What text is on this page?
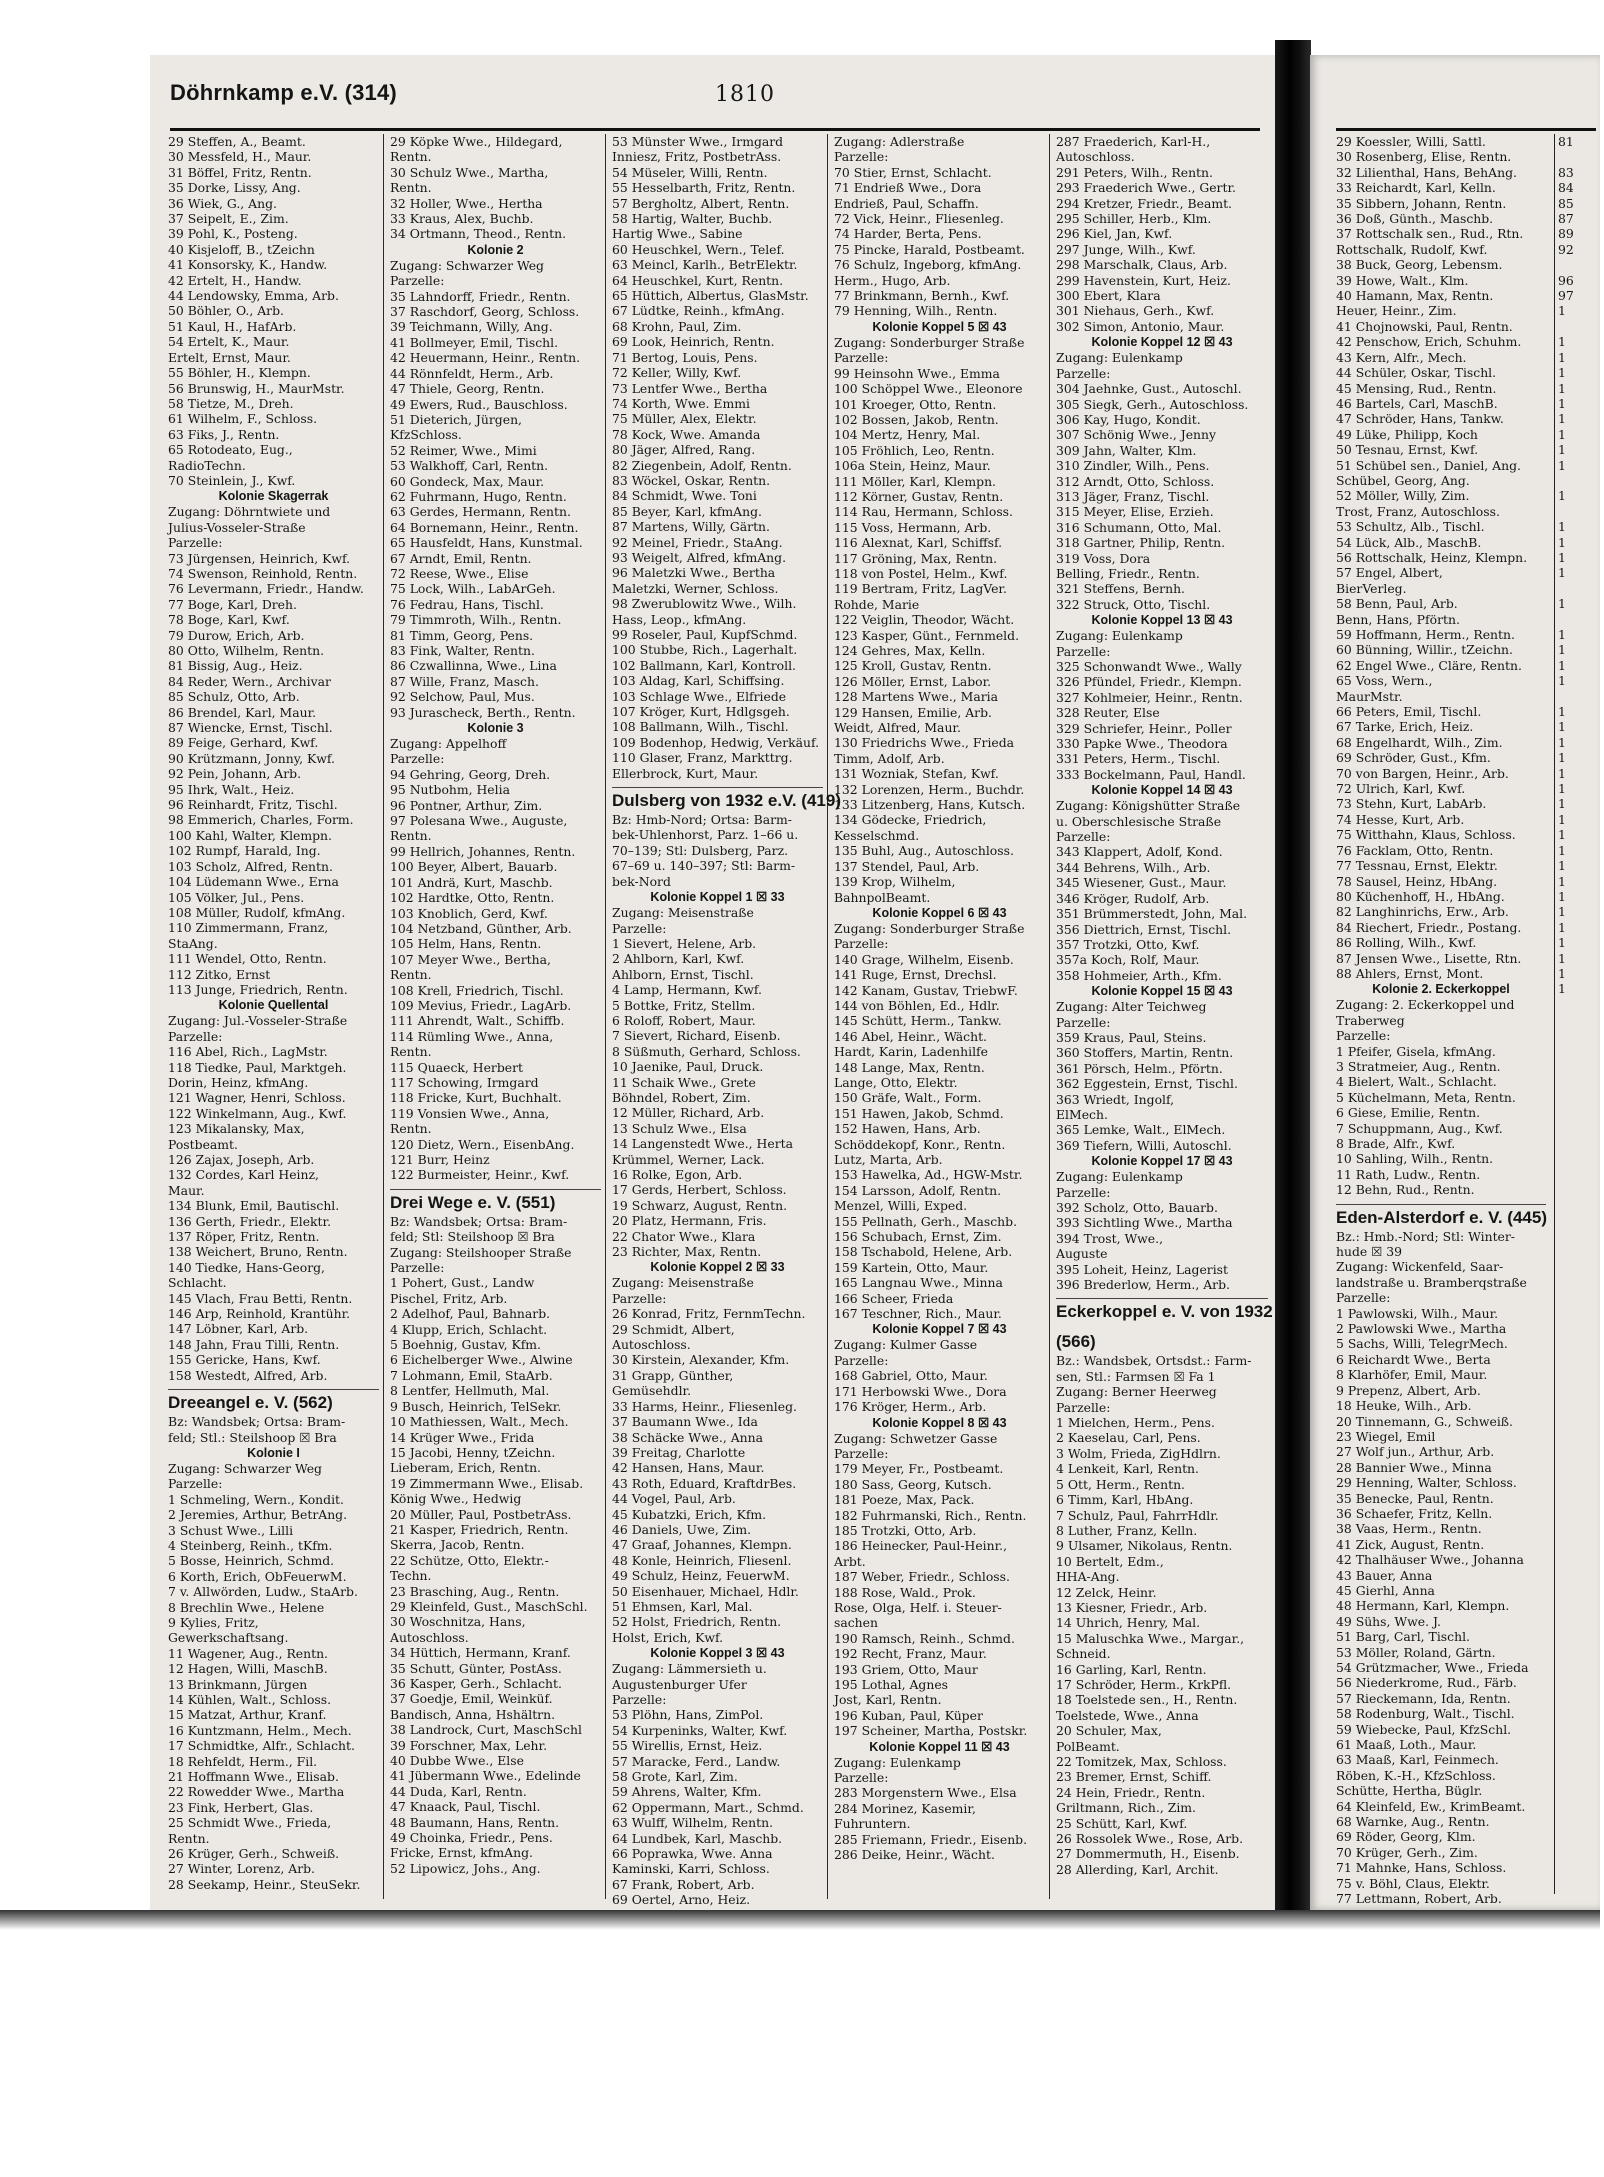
Döhrnkamp e.V. (314)	1810
29 Steffen, A., Beamt.
30 Messfeld, H., Maur.
31 Böffel, Fritz, Rentn.
35 Dorke, Lissy, Ang.
36 Wiek, G., Ang.
37 Seipelt, E., Zim.
39 Pohl, K., Posteng.
40 Kisjeloff, B., tZeichn
41 Konsorsky, K., Handw.
42 Ertelt, H., Handw.
44 Lendowsky, Emma, Arb.
50 Böhler, O., Arb.
51 Kaul, H., HafArb.
54 Ertelt, K., Maur.
Ertelt, Ernst, Maur.
55 Böhler, H., Klempn.
56 Brunswig, H., MaurMstr.
58 Tietze, M., Dreh.
61 Wilhelm, F., Schloss.
63 Fiks, J., Rentn.
65 Rotodeato, Eug.,
RadioTechn.
70 Steinlein, J., Kwf.
Kolonie Skagerrak
Zugang: Döhrntwiete und
Julius-Vosseler-Straße
Parzelle:
73 Jürgensen, Heinrich, Kwf.
74 Swenson, Reinhold, Rentn.
76 Levermann, Friedr., Handw.
77 Boge, Karl, Dreh.
78 Boge, Karl, Kwf.
79 Durow, Erich, Arb.
80 Otto, Wilhelm, Rentn.
81 Bissig, Aug., Heiz.
84 Reder, Wern., Archivar
85 Schulz, Otto, Arb.
86 Brendel, Karl, Maur.
87 Wiencke, Ernst, Tischl.
89 Feige, Gerhard, Kwf.
90 Krützmann, Jonny, Kwf.
92 Pein, Johann, Arb.
95 Ihrk, Walt., Heiz.
96 Reinhardt, Fritz, Tischl.
98 Emmerich, Charles, Form.
100 Kahl, Walter, Klempn.
102 Rumpf, Harald, Ing.
103 Scholz, Alfred, Rentn.
104 Lüdemann Wwe., Erna
105 Völker, Jul., Pens.
108 Müller, Rudolf, kfmAng.
110 Zimmermann, Franz,
StaAng.
111 Wendel, Otto, Rentn.
112 Zitko, Ernst
113 Junge, Friedrich, Rentn.
Kolonie Quellental
Zugang: Jul.-Vosseler-Straße
Parzelle:
116 Abel, Rich., LagMstr.
118 Tiedke, Paul, Marktgeh.
Dorin, Heinz, kfmAng.
121 Wagner, Henri, Schloss.
122 Winkelmann, Aug., Kwf.
123 Mikalansky, Max,
Postbeamt.
126 Zajax, Joseph, Arb.
132 Cordes, Karl Heinz,
Maur.
134 Blunk, Emil, Bautischl.
136 Gerth, Friedr., Elektr.
137 Röper, Fritz, Rentn.
138 Weichert, Bruno, Rentn.
140 Tiedke, Hans-Georg,
Schlacht.
145 Vlach, Frau Betti, Rentn.
146 Arp, Reinhold, Krantühr.
147 Löbner, Karl, Arb.
148 Jahn, Frau Tilli, Rentn.
155 Gericke, Hans, Kwf.
158 Westedt, Alfred, Arb.
Dreeangel e. V. (562)
Bz: Wandsbek; Ortsa: Bram-
feld; Stl.: Steilshoop ☒ Bra
Kolonie I
Zugang: Schwarzer Weg
Parzelle:
1 Schmeling, Wern., Kondit.
2 Jeremies, Arthur, BetrAng.
3 Schust Wwe., Lilli
4 Steinberg, Reinh., tKfm.
5 Bosse, Heinrich, Schmd.
6 Korth, Erich, ObFeuerwM.
7 v. Allwörden, Ludw., StaArb.
8 Brechlin Wwe., Helene
9 Kylies, Fritz,
Gewerkschaftsang.
11 Wagener, Aug., Rentn.
12 Hagen, Willi, MaschB.
13 Brinkmann, Jürgen
14 Kühlen, Walt., Schloss.
15 Matzat, Arthur, Kranf.
16 Kuntzmann, Helm., Mech.
17 Schmidtke, Alfr., Schlacht.
18 Rehfeldt, Herm., Fil.
21 Hoffmann Wwe., Elisab.
22 Rowedder Wwe., Martha
23 Fink, Herbert, Glas.
25 Schmidt Wwe., Frieda,
Rentn.
26 Krüger, Gerh., Schweiß.
27 Winter, Lorenz, Arb.
28 Seekamp, Heinr., SteuSekr.
29 Köpke Wwe., Hildegard,
Rentn.
30 Schulz Wwe., Martha,
Rentn.
32 Holler, Wwe., Hertha
33 Kraus, Alex, Buchb.
34 Ortmann, Theod., Rentn.
Kolonie 2
Zugang: Schwarzer Weg
Parzelle:
35 Lahndorff, Friedr., Rentn.
37 Raschdorf, Georg, Schloss.
39 Teichmann, Willy, Ang.
41 Bollmeyer, Emil, Tischl.
42 Heuermann, Heinr., Rentn.
44 Rönnfeldt, Herm., Arb.
47 Thiele, Georg, Rentn.
49 Ewers, Rud., Bauschloss.
51 Dieterich, Jürgen,
KfzSchloss.
52 Reimer, Wwe., Mimi
53 Walkhoff, Carl, Rentn.
60 Gondeck, Max, Maur.
62 Fuhrmann, Hugo, Rentn.
63 Gerdes, Hermann, Rentn.
64 Bornemann, Heinr., Rentn.
65 Hausfeldt, Hans, Kunstmal.
67 Arndt, Emil, Rentn.
72 Reese, Wwe., Elise
75 Lock, Wilh., LabArGeh.
76 Fedrau, Hans, Tischl.
79 Timmroth, Wilh., Rentn.
81 Timm, Georg, Pens.
83 Fink, Walter, Rentn.
86 Czwallinna, Wwe., Lina
87 Wille, Franz, Masch.
92 Selchow, Paul, Mus.
93 Jurascheck, Berth., Rentn.
Kolonie 3
Zugang: Appelhoff
Parzelle:
94 Gehring, Georg, Dreh.
95 Nutbohm, Helia
96 Pontner, Arthur, Zim.
97 Polesana Wwe., Auguste,
Rentn.
99 Hellrich, Johannes, Rentn.
100 Beyer, Albert, Bauarb.
101 Andrä, Kurt, Maschb.
102 Hardtke, Otto, Rentn.
103 Knoblich, Gerd, Kwf.
104 Netzband, Günther, Arb.
105 Helm, Hans, Rentn.
107 Meyer Wwe., Bertha,
Rentn.
108 Krell, Friedrich, Tischl.
109 Mevius, Friedr., LagArb.
111 Ahrendt, Walt., Schiffb.
114 Rümling Wwe., Anna,
Rentn.
115 Quaeck, Herbert
117 Schowing, Irmgard
118 Fricke, Kurt, Buchhalt.
119 Vonsien Wwe., Anna,
Rentn.
120 Dietz, Wern., EisenbAng.
121 Burr, Heinz
122 Burmeister, Heinr., Kwf.
Drei Wege e. V. (551)
Bz: Wandsbek; Ortsa: Bram-
feld; Stl: Steilshoop ☒ Bra
Zugang: Steilshooper Straße
Parzelle:
1 Pohert, Gust., Landw
Pischel, Fritz, Arb.
2 Adelhof, Paul, Bahnarb.
4 Klupp, Erich, Schlacht.
5 Boehnig, Gustav, Kfm.
6 Eichelberger Wwe., Alwine
7 Lohmann, Emil, StaArb.
8 Lentfer, Hellmuth, Mal.
9 Busch, Heinrich, TelSekr.
10 Mathiessen, Walt., Mech.
14 Krüger Wwe., Frida
15 Jacobi, Henny, tZeichn.
Lieberam, Erich, Rentn.
19 Zimmermann Wwe., Elisab.
König Wwe., Hedwig
20 Müller, Paul, PostbetrAss.
21 Kasper, Friedrich, Rentn.
Skerra, Jacob, Rentn.
22 Schütze, Otto, Elektr.-
Techn.
23 Brasching, Aug., Rentn.
29 Kleinfeld, Gust., MaschSchl.
30 Woschnitza, Hans,
Autoschloss.
34 Hüttich, Hermann, Kranf.
35 Schutt, Günter, PostAss.
36 Kasper, Gerh., Schlacht.
37 Goedje, Emil, Weinküf.
Bandisch, Anna, Hshältrn.
38 Landrock, Curt, MaschSchl
39 Forschner, Max, Lehr.
40 Dubbe Wwe., Else
41 Jübermann Wwe., Edelinde
44 Duda, Karl, Rentn.
47 Knaack, Paul, Tischl.
48 Baumann, Hans, Rentn.
49 Choinka, Friedr., Pens.
Fricke, Ernst, kfmAng.
52 Lipowicz, Johs., Ang.
53 Münster Wwe., Irmgard
Inniesz, Fritz, PostbetrAss.
54 Müseler, Willi, Rentn.
55 Hesselbarth, Fritz, Rentn.
57 Bergholtz, Albert, Rentn.
58 Hartig, Walter, Buchb.
Hartig Wwe., Sabine
60 Heuschkel, Wern., Telef.
63 Meincl, Karlh., BetrElektr.
64 Heuschkel, Kurt, Rentn.
65 Hüttich, Albertus, GlasMstr.
67 Lüdtke, Reinh., kfmAng.
68 Krohn, Paul, Zim.
69 Look, Heinrich, Rentn.
71 Bertog, Louis, Pens.
72 Keller, Willy, Kwf.
73 Lentfer Wwe., Bertha
74 Korth, Wwe. Emmi
75 Müller, Alex, Elektr.
78 Kock, Wwe. Amanda
80 Jäger, Alfred, Rang.
82 Ziegenbein, Adolf, Rentn.
83 Wöckel, Oskar, Rentn.
84 Schmidt, Wwe. Toni
85 Beyer, Karl, kfmAng.
87 Martens, Willy, Gärtn.
92 Meinel, Friedr., StaAng.
93 Weigelt, Alfred, kfmAng.
96 Maletzki Wwe., Bertha
Maletzki, Werner, Schloss.
98 Zwerublowitz Wwe., Wilh.
Hass, Leop., kfmAng.
99 Roseler, Paul, KupfSchmd.
100 Stubbe, Rich., Lagerhalt.
102 Ballmann, Karl, Kontroll.
103 Aldag, Karl, Schiffsing.
103 Schlage Wwe., Elfriede
107 Kröger, Kurt, Hdlgsgeh.
108 Ballmann, Wilh., Tischl.
109 Bodenhop, Hedwig, Verkäuf.
110 Glaser, Franz, Markttrg.
Ellerbrock, Kurt, Maur.
Dulsberg von 1932 e.V. (419)
Bz: Hmb-Nord; Ortsa: Barm-
bek-Uhlenhorst, Parz. 1–66 u.
70–139; Stl: Dulsberg, Parz.
67–69 u. 140–397; Stl: Barm-
bek-Nord
Kolonie Koppel 1 ☒ 33
Zugang: Meisenstraße
Parzelle:
1 Sievert, Helene, Arb.
2 Ahlborn, Karl, Kwf.
Ahlborn, Ernst, Tischl.
4 Lamp, Hermann, Kwf.
5 Bottke, Fritz, Stellm.
6 Roloff, Robert, Maur.
7 Sievert, Richard, Eisenb.
8 Süßmuth, Gerhard, Schloss.
10 Jaenike, Paul, Druck.
11 Schaik Wwe., Grete
Böhndel, Robert, Zim.
12 Müller, Richard, Arb.
13 Schulz Wwe., Elsa
14 Langenstedt Wwe., Herta
Krümmel, Werner, Lack.
16 Rolke, Egon, Arb.
17 Gerds, Herbert, Schloss.
19 Schwarz, August, Rentn.
20 Platz, Hermann, Fris.
22 Chator Wwe., Klara
23 Richter, Max, Rentn.
Kolonie Koppel 2 ☒ 33
Zugang: Meisenstraße
Parzelle:
26 Konrad, Fritz, FernmTechn.
29 Schmidt, Albert,
Autoschloss.
30 Kirstein, Alexander, Kfm.
31 Grapp, Günther,
Gemüsehdlr.
33 Harms, Heinr., Fliesenleg.
37 Baumann Wwe., Ida
38 Schäcke Wwe., Anna
39 Freitag, Charlotte
42 Hansen, Hans, Maur.
43 Roth, Eduard, KraftdrBes.
44 Vogel, Paul, Arb.
45 Kubatzki, Erich, Kfm.
46 Daniels, Uwe, Zim.
47 Graaf, Johannes, Klempn.
48 Konle, Heinrich, Fliesenl.
49 Schulz, Heinz, FeuerwM.
50 Eisenhauer, Michael, Hdlr.
51 Ehmsen, Karl, Mal.
52 Holst, Friedrich, Rentn.
Holst, Erich, Kwf.
Kolonie Koppel 3 ☒ 43
Zugang: Lämmersieth u.
Augustenburger Ufer
Parzelle:
53 Plöhn, Hans, ZimPol.
54 Kurpeninks, Walter, Kwf.
55 Wirellis, Ernst, Heiz.
57 Maracke, Ferd., Landw.
58 Grote, Karl, Zim.
59 Ahrens, Walter, Kfm.
62 Oppermann, Mart., Schmd.
63 Wulff, Wilhelm, Rentn.
64 Lundbek, Karl, Maschb.
66 Poprawka, Wwe. Anna
Kaminski, Karri, Schloss.
67 Frank, Robert, Arb.
69 Oertel, Arno, Heiz.
Zugang: Adlerstraße
Parzelle:
70 Stier, Ernst, Schlacht.
71 Endrieß Wwe., Dora
Endrieß, Paul, Schaffn.
72 Vick, Heinr., Fliesenleg.
74 Harder, Berta, Pens.
75 Pincke, Harald, Postbeamt.
76 Schulz, Ingeborg, kfmAng.
Herm., Hugo, Arb.
77 Brinkmann, Bernh., Kwf.
79 Henning, Wilh., Rentn.
Kolonie Koppel 5 ☒ 43
Zugang: Sonderburger Straße
Parzelle:
99 Heinsohn Wwe., Emma
100 Schöppel Wwe., Eleonore
101 Kroeger, Otto, Rentn.
102 Bossen, Jakob, Rentn.
104 Mertz, Henry, Mal.
105 Fröhlich, Leo, Rentn.
106a Stein, Heinz, Maur.
111 Möller, Karl, Klempn.
112 Körner, Gustav, Rentn.
114 Rau, Hermann, Schloss.
115 Voss, Hermann, Arb.
116 Alexnat, Karl, Schiffsf.
117 Gröning, Max, Rentn.
118 von Postel, Helm., Kwf.
119 Bertram, Fritz, LagVer.
Rohde, Marie
122 Veiglin, Theodor, Wächt.
123 Kasper, Günt., Fernmeld.
124 Gehres, Max, Kelln.
125 Kroll, Gustav, Rentn.
126 Möller, Ernst, Labor.
128 Martens Wwe., Maria
129 Hansen, Emilie, Arb.
Weidt, Alfred, Maur.
130 Friedrichs Wwe., Frieda
Timm, Adolf, Arb.
131 Wozniak, Stefan, Kwf.
132 Lorenzen, Herm., Buchdr.
133 Litzenberg, Hans, Kutsch.
134 Gödecke, Friedrich,
Kesselschmd.
135 Buhl, Aug., Autoschloss.
137 Stendel, Paul, Arb.
139 Krop, Wilhelm,
BahnpolBeamt.
Kolonie Koppel 6 ☒ 43
Zugang: Sonderburger Straße
Parzelle:
140 Grage, Wilhelm, Eisenb.
141 Ruge, Ernst, Drechsl.
142 Kanam, Gustav, TriebwF.
144 von Böhlen, Ed., Hdlr.
145 Schütt, Herm., Tankw.
146 Abel, Heinr., Wächt.
Hardt, Karin, Ladenhilfe
148 Lange, Max, Rentn.
Lange, Otto, Elektr.
150 Gräfe, Walt., Form.
151 Hawen, Jakob, Schmd.
152 Hawen, Hans, Arb.
Schöddekopf, Konr., Rentn.
Lutz, Marta, Arb.
153 Hawelka, Ad., HGW-Mstr.
154 Larsson, Adolf, Rentn.
Menzel, Willi, Exped.
155 Pellnath, Gerh., Maschb.
156 Schubach, Ernst, Zim.
158 Tschabold, Helene, Arb.
159 Kartein, Otto, Maur.
165 Langnau Wwe., Minna
166 Scheer, Frieda
167 Teschner, Rich., Maur.
Kolonie Koppel 7 ☒ 43
Zugang: Kulmer Gasse
Parzelle:
168 Gabriel, Otto, Maur.
171 Herbowski Wwe., Dora
176 Kröger, Herm., Arb.
Kolonie Koppel 8 ☒ 43
Zugang: Schwetzer Gasse
Parzelle:
179 Meyer, Fr., Postbeamt.
180 Sass, Georg, Kutsch.
181 Poeze, Max, Pack.
182 Fuhrmanski, Rich., Rentn.
185 Trotzki, Otto, Arb.
186 Heinecker, Paul-Heinr.,
Arbt.
187 Weber, Friedr., Schloss.
188 Rose, Wald., Prok.
Rose, Olga, Helf. i. Steuer-
sachen
190 Ramsch, Reinh., Schmd.
192 Recht, Franz, Maur.
193 Griem, Otto, Maur
195 Lothal, Agnes
Jost, Karl, Rentn.
196 Kuban, Paul, Küper
197 Scheiner, Martha, Postskr.
Kolonie Koppel 11 ☒ 43
Zugang: Eulenkamp
Parzelle:
283 Morgenstern Wwe., Elsa
284 Morinez, Kasemir,
Fuhruntern.
285 Friemann, Friedr., Eisenb.
286 Deike, Heinr., Wächt.
287 Fraederich, Karl-H.,
Autoschloss.
291 Peters, Wilh., Rentn.
293 Fraederich Wwe., Gertr.
294 Kretzer, Friedr., Beamt.
295 Schiller, Herb., Klm.
296 Kiel, Jan, Kwf.
297 Junge, Wilh., Kwf.
298 Marschalk, Claus, Arb.
299 Havenstein, Kurt, Heiz.
300 Ebert, Klara
301 Niehaus, Gerh., Kwf.
302 Simon, Antonio, Maur.
Kolonie Koppel 12 ☒ 43
Zugang: Eulenkamp
Parzelle:
304 Jaehnke, Gust., Autoschl.
305 Siegk, Gerh., Autoschloss.
306 Kay, Hugo, Kondit.
307 Schönig Wwe., Jenny
309 Jahn, Walter, Klm.
310 Zindler, Wilh., Pens.
312 Arndt, Otto, Schloss.
313 Jäger, Franz, Tischl.
315 Meyer, Elise, Erzieh.
316 Schumann, Otto, Mal.
318 Gartner, Philip, Rentn.
319 Voss, Dora
Belling, Friedr., Rentn.
321 Steffens, Bernh.
322 Struck, Otto, Tischl.
Kolonie Koppel 13 ☒ 43
Zugang: Eulenkamp
Parzelle:
325 Schonwandt Wwe., Wally
326 Pfündel, Friedr., Klempn.
327 Kohlmeier, Heinr., Rentn.
328 Reuter, Else
329 Schriefer, Heinr., Poller
330 Papke Wwe., Theodora
331 Peters, Herm., Tischl.
333 Bockelmann, Paul, Handl.
Kolonie Koppel 14 ☒ 43
Zugang: Königshütter Straße
u. Oberschlesische Straße
Parzelle:
343 Klappert, Adolf, Kond.
344 Behrens, Wilh., Arb.
345 Wiesener, Gust., Maur.
346 Kröger, Rudolf, Arb.
351 Brümmerstedt, John, Mal.
356 Diettrich, Ernst, Tischl.
357 Trotzki, Otto, Kwf.
357a Koch, Rolf, Maur.
358 Hohmeier, Arth., Kfm.
Kolonie Koppel 15 ☒ 43
Zugang: Alter Teichweg
Parzelle:
359 Kraus, Paul, Steins.
360 Stoffers, Martin, Rentn.
361 Pörsch, Helm., Pförtn.
362 Eggestein, Ernst, Tischl.
363 Wriedt, Ingolf,
ElMech.
365 Lemke, Walt., ElMech.
369 Tiefern, Willi, Autoschl.
Kolonie Koppel 17 ☒ 43
Zugang: Eulenkamp
Parzelle:
392 Scholz, Otto, Bauarb.
393 Sichtling Wwe., Martha
394 Trost, Wwe.,
Auguste
395 Loheit, Heinz, Lagerist
396 Brederlow, Herm., Arb.
Eckerkoppel e. V. von 1932
(566)
Bz.: Wandsbek, Ortsdst.: Farm-
sen, Stl.: Farmsen ☒ Fa 1
Zugang: Berner Heerweg
Parzelle:
1 Mielchen, Herm., Pens.
2 Kaeselau, Carl, Pens.
3 Wolm, Frieda, ZigHdlrn.
4 Lenkeit, Karl, Rentn.
5 Ott, Herm., Rentn.
6 Timm, Karl, HbAng.
7 Schulz, Paul, FahrrHdlr.
8 Luther, Franz, Kelln.
9 Ulsamer, Nikolaus, Rentn.
10 Bertelt, Edm.,
HHA-Ang.
12 Zelck, Heinr.
13 Kiesner, Friedr., Arb.
14 Uhrich, Henry, Mal.
15 Maluschka Wwe., Margar.,
Schneid.
16 Garling, Karl, Rentn.
17 Schröder, Herm., KrkPfl.
18 Toelstede sen., H., Rentn.
Toelstede, Wwe., Anna
20 Schuler, Max,
PolBeamt.
22 Tomitzek, Max, Schloss.
23 Bremer, Ernst, Schiff.
24 Hein, Friedr., Rentn.
Griltmann, Rich., Zim.
25 Schütt, Karl, Kwf.
26 Rossolek Wwe., Rose, Arb.
27 Dommermuth, H., Eisenb.
28 Allerding, Karl, Archit.
29 Koessler, Willi, Sattl.
30 Rosenberg, Elise, Rentn.
32 Lilienthal, Hans, BehAng.
33 Reichardt, Karl, Kelln.
35 Sibbern, Johann, Rentn.
36 Doß, Günth., Maschb.
37 Rottschalk sen., Rud., Rtn.
Rottschalk, Rudolf, Kwf.
38 Buck, Georg, Lebensm.
39 Howe, Walt., Klm.
40 Hamann, Max, Rentn.
Heuer, Heinr., Zim.
41 Chojnowski, Paul, Rentn.
42 Penschow, Erich, Schuhm.
43 Kern, Alfr., Mech.
44 Schüler, Oskar, Tischl.
45 Mensing, Rud., Rentn.
46 Bartels, Carl, MaschB.
47 Schröder, Hans, Tankw.
49 Lüke, Philipp, Koch
50 Tesnau, Ernst, Kwf.
51 Schübel sen., Daniel, Ang.
Schübel, Georg, Ang.
52 Möller, Willy, Zim.
Trost, Franz, Autoschloss.
53 Schultz, Alb., Tischl.
54 Lück, Alb., MaschB.
56 Rottschalk, Heinz, Klempn.
57 Engel, Albert,
BierVerleg.
58 Benn, Paul, Arb.
Benn, Hans, Pförtn.
59 Hoffmann, Herm., Rentn.
60 Bünning, Willir., tZeichn.
62 Engel Wwe., Cläre, Rentn.
65 Voss, Wern.,
MaurMstr.
66 Peters, Emil, Tischl.
67 Tarke, Erich, Heiz.
68 Engelhardt, Wilh., Zim.
69 Schröder, Gust., Kfm.
70 von Bargen, Heinr., Arb.
72 Ulrich, Karl, Kwf.
73 Stehn, Kurt, LabArb.
74 Hesse, Kurt, Arb.
75 Witthahn, Klaus, Schloss.
76 Facklam, Otto, Rentn.
77 Tessnau, Ernst, Elektr.
78 Sausel, Heinz, HbAng.
80 Küchenhoff, H., HbAng.
82 Langhinrichs, Erw., Arb.
84 Riechert, Friedr., Postang.
86 Rolling, Wilh., Kwf.
87 Jensen Wwe., Lisette, Rtn.
88 Ahlers, Ernst, Mont.
Kolonie 2. Eckerkoppel
Zugang: 2. Eckerkoppel und
Traberweg
Parzelle:
1 Pfeifer, Gisela, kfmAng.
3 Stratmeier, Aug., Rentn.
4 Bielert, Walt., Schlacht.
5 Küchelmann, Meta, Rentn.
6 Giese, Emilie, Rentn.
7 Schuppmann, Aug., Kwf.
8 Brade, Alfr., Kwf.
10 Sahling, Wilh., Rentn.
11 Rath, Ludw., Rentn.
12 Behn, Rud., Rentn.
Eden-Alsterdorf e. V. (445)
Bz.: Hmb.-Nord; Stl: Winter-
hude ☒ 39
Zugang: Wickenfeld, Saar-
landstraße u. Bramberqstraße
Parzelle:
1 Pawlowski, Wilh., Maur.
2 Pawlowski Wwe., Martha
5 Sachs, Willi, TelegrMech.
6 Reichardt Wwe., Berta
8 Klarhöfer, Emil, Maur.
9 Prepenz, Albert, Arb.
18 Heuke, Wilh., Arb.
20 Tinnemann, G., Schweiß.
23 Wiegel, Emil
27 Wolf jun., Arthur, Arb.
28 Bannier Wwe., Minna
29 Henning, Walter, Schloss.
35 Benecke, Paul, Rentn.
36 Schaefer, Fritz, Kelln.
38 Vaas, Herm., Rentn.
41 Zick, August, Rentn.
42 Thalhäuser Wwe., Johanna
43 Bauer, Anna
45 Gierhl, Anna
48 Hermann, Karl, Klempn.
49 Sühs, Wwe. J.
51 Barg, Carl, Tischl.
53 Möller, Roland, Gärtn.
54 Grützmacher, Wwe., Frieda
56 Niederkrome, Rud., Färb.
57 Rieckemann, Ida, Rentn.
58 Rodenburg, Walt., Tischl.
59 Wiebecke, Paul, KfzSchl.
61 Maaß, Loth., Maur.
63 Maaß, Karl, Feinmech.
Röben, K.-H., KfzSchloss.
Schütte, Hertha, Büglr.
64 Kleinfeld, Ew., KrimBeamt.
68 Warnke, Aug., Rentn.
69 Röder, Georg, Klm.
70 Krüger, Gerh., Zim.
71 Mahnke, Hans, Schloss.
75 v. Böhl, Claus, Elektr.
77 Lettmann, Robert, Arb.
81

83
84
85
87
89
92

96
97
1

1
1
1
1
1
1
1
1
1

1

1
1
1
1

1

1
1
1
1

1
1
1
1
1
1
1
1
1
1
1
1
1
1
1
1
1
1
1
